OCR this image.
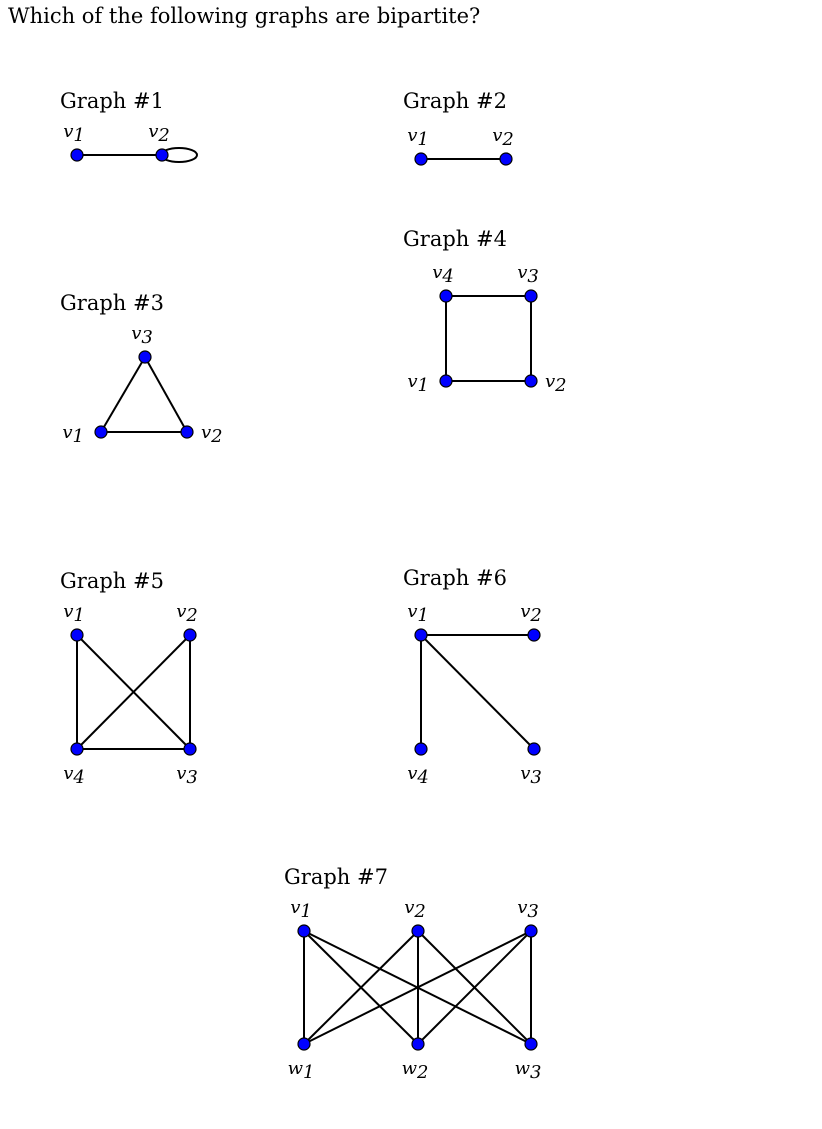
Which of the following graphs are bipartite?
Graph #1
v1	v2
Graph #2
v1	v2
Graph #3
v1	v2
v3
Graph #4
v1	v2
v3
v4
Graph #5
v1	v2
v3
v4
Graph #6
v1	v2
v3
v4
Graph #7
v1	v2	v3
w1	w2	w3
